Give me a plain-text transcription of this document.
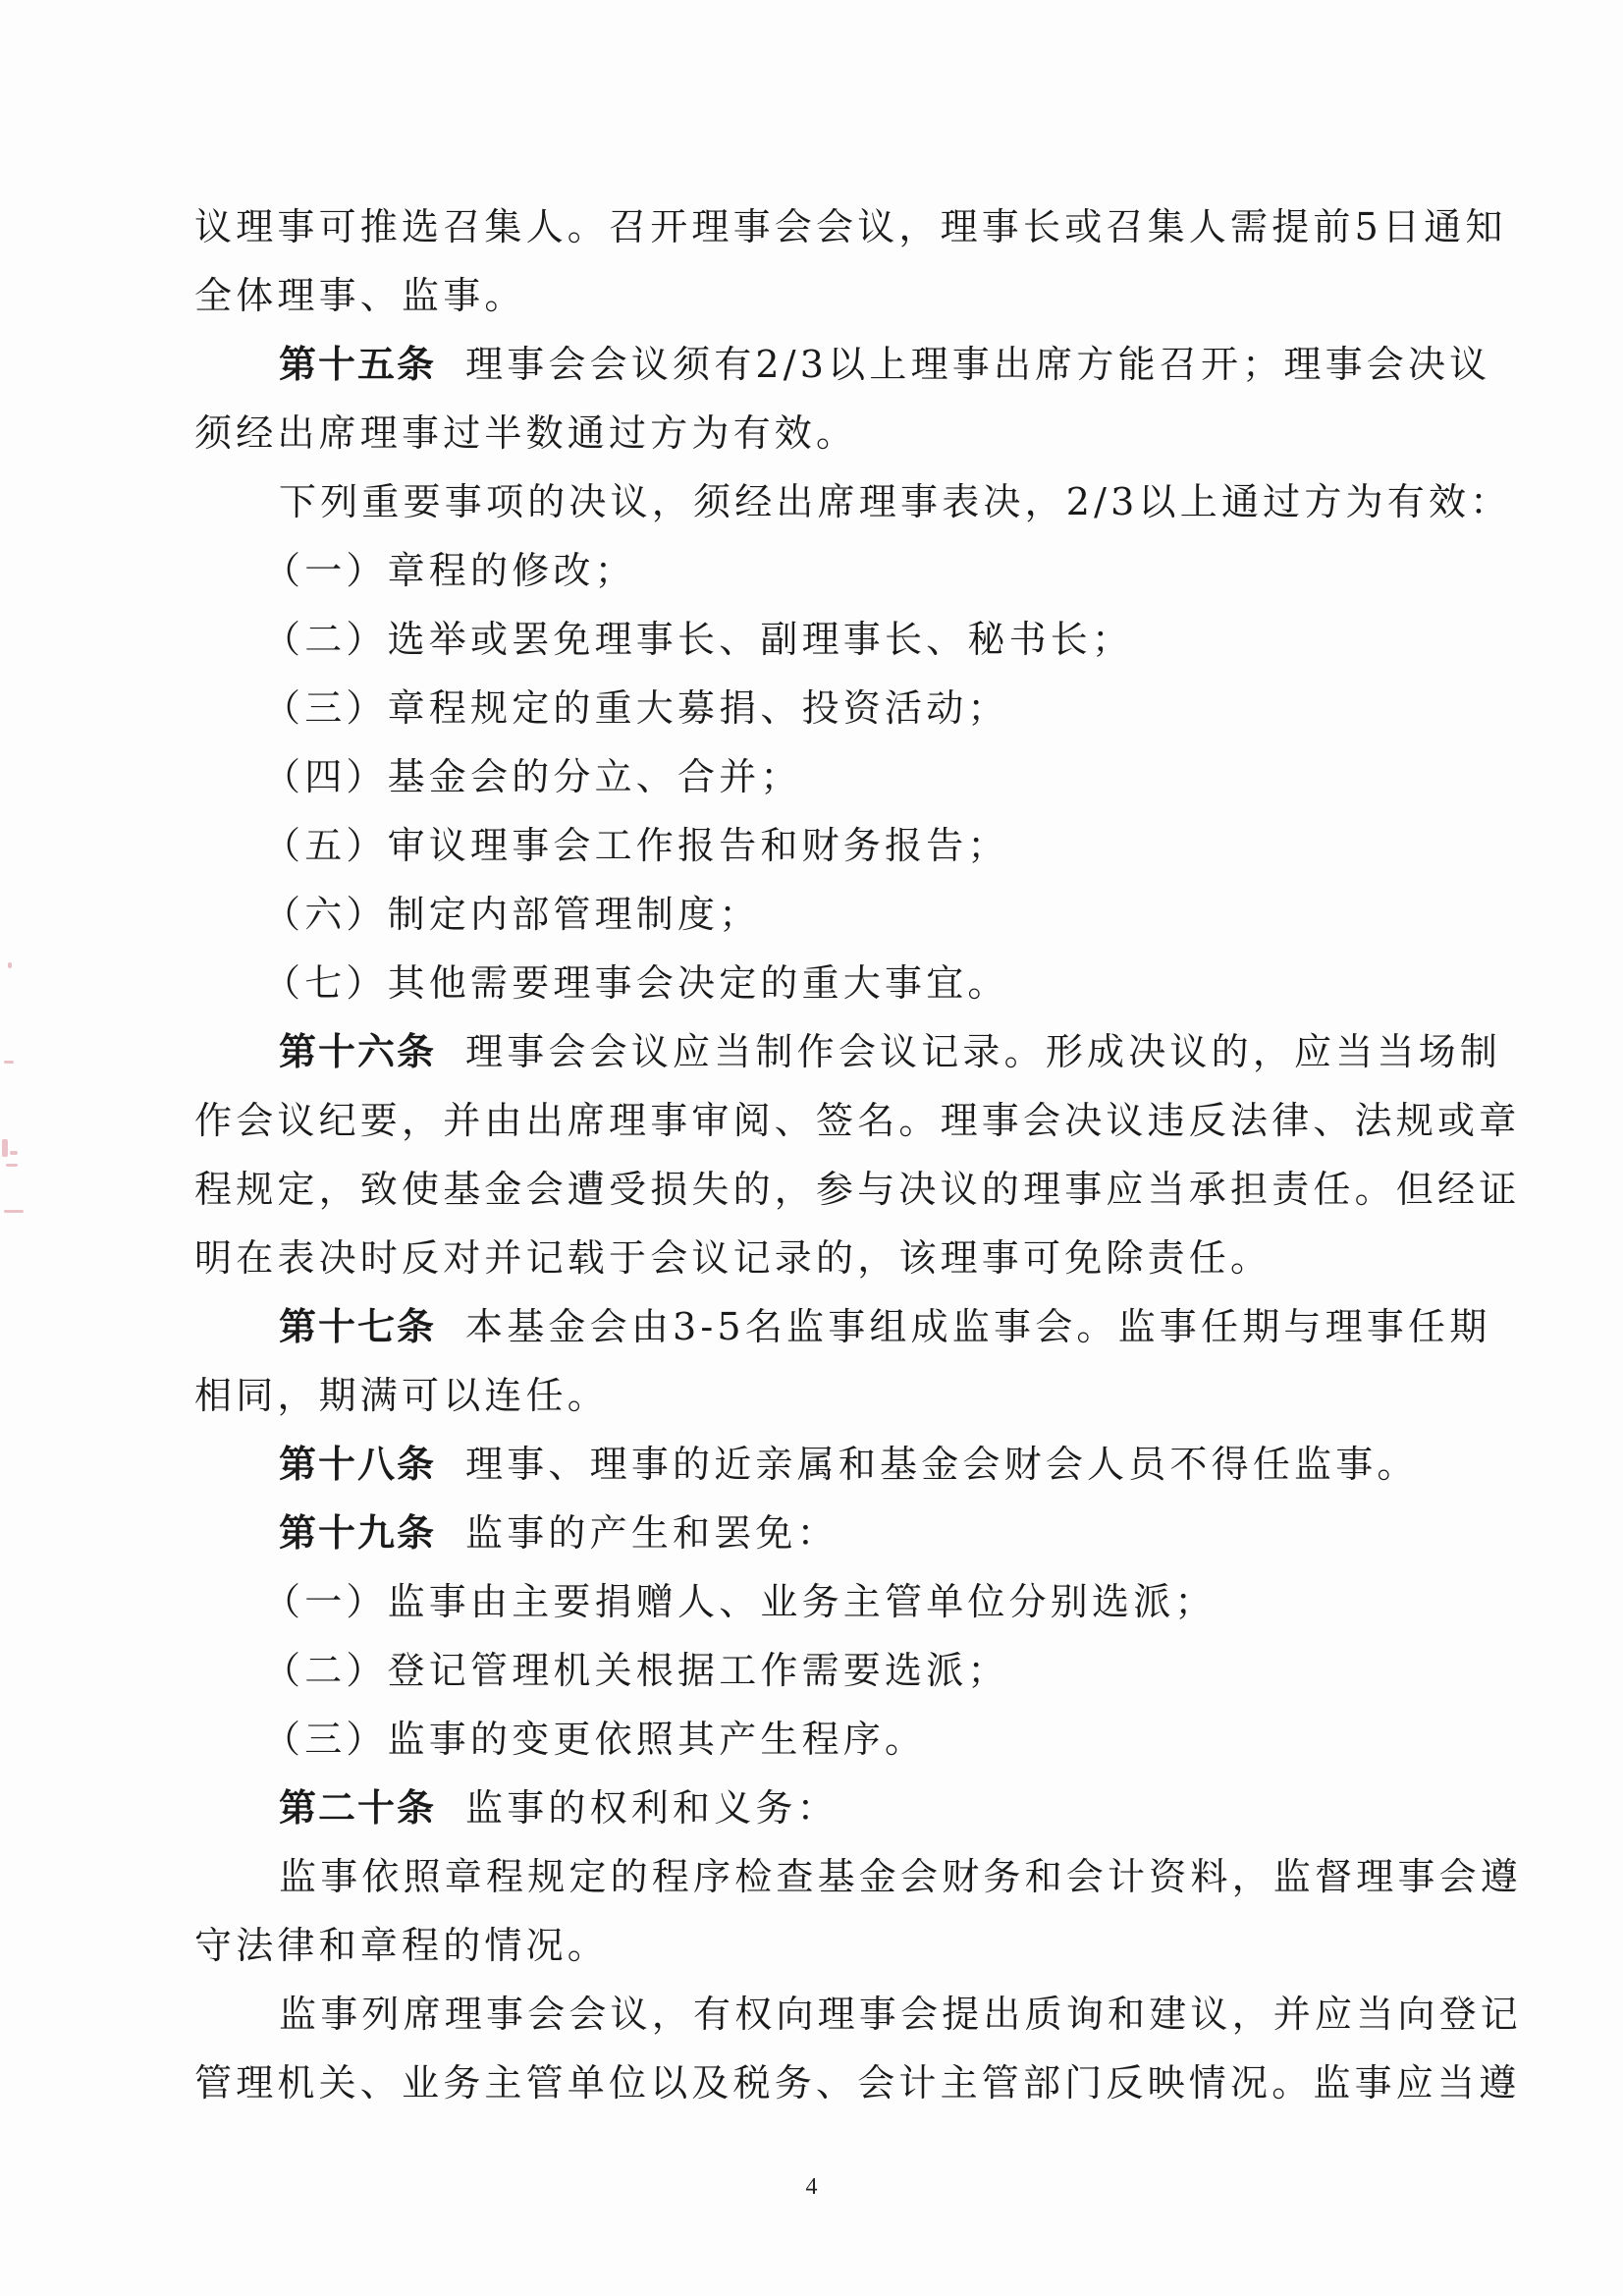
议理事可推选召集人。召开理事会会议，理事长或召集人需提前5日通知
全体理事、监事。
第十五条 理事会会议须有2/3以上理事出席方能召开；理事会决议
须经出席理事过半数通过方为有效。
下列重要事项的决议，须经出席理事表决，2/3以上通过方为有效：
（一）章程的修改；
（二）选举或罢免理事长、副理事长、秘书长；
（三）章程规定的重大募捐、投资活动；
（四）基金会的分立、合并；
（五）审议理事会工作报告和财务报告；
（六）制定内部管理制度；
（七）其他需要理事会决定的重大事宜。
第十六条 理事会会议应当制作会议记录。形成决议的，应当当场制
作会议纪要，并由出席理事审阅、签名。理事会决议违反法律、法规或章
程规定，致使基金会遭受损失的，参与决议的理事应当承担责任。但经证
明在表决时反对并记载于会议记录的，该理事可免除责任。
第十七条 本基金会由3-5名监事组成监事会。监事任期与理事任期
相同，期满可以连任。
第十八条 理事、理事的近亲属和基金会财会人员不得任监事。
第十九条 监事的产生和罢免：
（一）监事由主要捐赠人、业务主管单位分别选派；
（二）登记管理机关根据工作需要选派；
（三）监事的变更依照其产生程序。
第二十条 监事的权利和义务：
监事依照章程规定的程序检查基金会财务和会计资料，监督理事会遵
守法律和章程的情况。
监事列席理事会会议，有权向理事会提出质询和建议，并应当向登记
管理机关、业务主管单位以及税务、会计主管部门反映情况。监事应当遵
4
